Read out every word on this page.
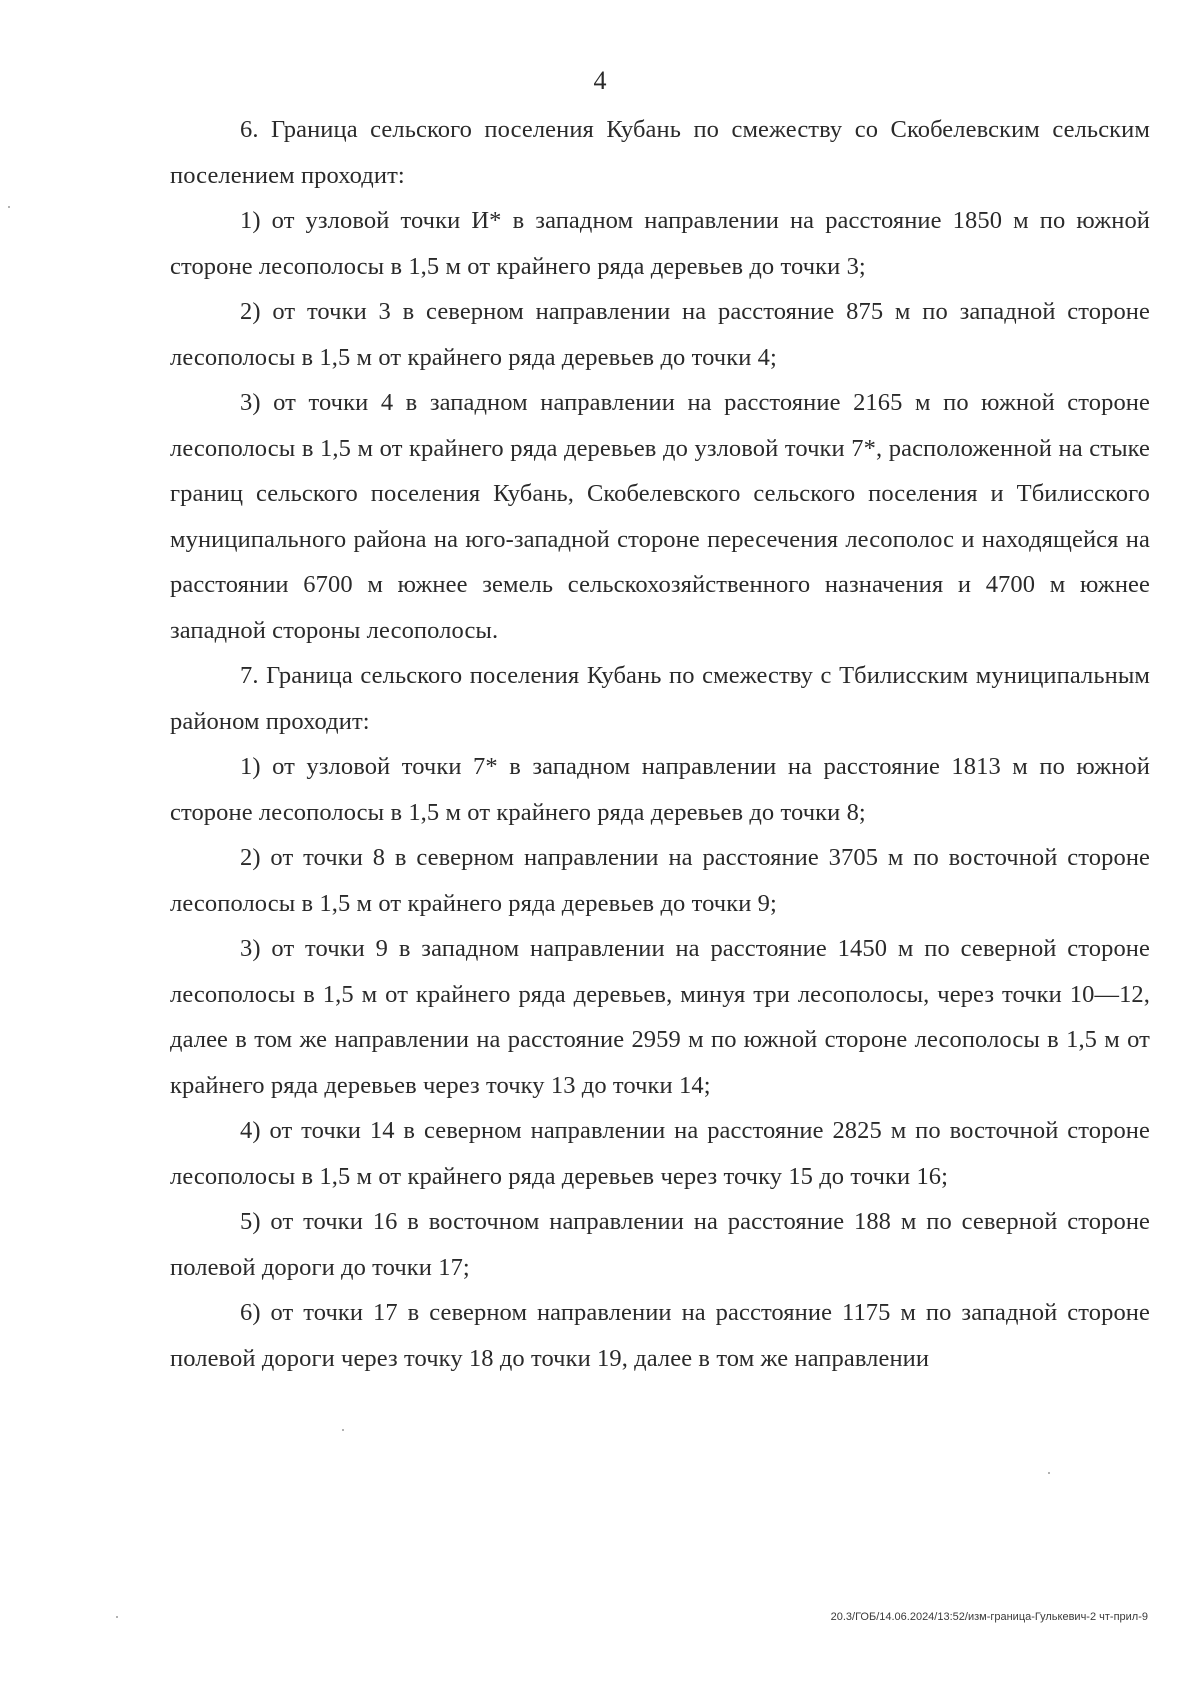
4

6. Граница сельского поселения Кубань по смежеству со Скобелевским сельским поселением проходит:

1) от узловой точки И* в западном направлении на расстояние 1850 м по южной стороне лесополосы в 1,5 м от крайнего ряда деревьев до точки 3;

2) от точки 3 в северном направлении на расстояние 875 м по западной стороне лесополосы в 1,5 м от крайнего ряда деревьев до точки 4;

3) от точки 4 в западном направлении на расстояние 2165 м по южной стороне лесополосы в 1,5 м от крайнего ряда деревьев до узловой точки 7*, расположенной на стыке границ сельского поселения Кубань, Скобелевского сельского поселения и Тбилисского муниципального района на юго-западной стороне пересечения лесополос и находящейся на расстоянии 6700 м южнее земель сельскохозяйственного назначения и 4700 м южнее западной стороны лесополосы.

7. Граница сельского поселения Кубань по смежеству с Тбилисским муниципальным районом проходит:

1) от узловой точки 7* в западном направлении на расстояние 1813 м по южной стороне лесополосы в 1,5 м от крайнего ряда деревьев до точки 8;

2) от точки 8 в северном направлении на расстояние 3705 м по восточной стороне лесополосы в 1,5 м от крайнего ряда деревьев до точки 9;

3) от точки 9 в западном направлении на расстояние 1450 м по северной стороне лесополосы в 1,5 м от крайнего ряда деревьев, минуя три лесополосы, через точки 10—12, далее в том же направлении на расстояние 2959 м по южной стороне лесополосы в 1,5 м от крайнего ряда деревьев через точку 13 до точки 14;

4) от точки 14 в северном направлении на расстояние 2825 м по восточной стороне лесополосы в 1,5 м от крайнего ряда деревьев через точку 15 до точки 16;

5) от точки 16 в восточном направлении на расстояние 188 м по северной стороне полевой дороги до точки 17;

6) от точки 17 в северном направлении на расстояние 1175 м по западной стороне полевой дороги через точку 18 до точки 19, далее в том же направлении

20.3/ГОБ/14.06.2024/13:52/изм-граница-Гулькевич-2 чт-прил-9
